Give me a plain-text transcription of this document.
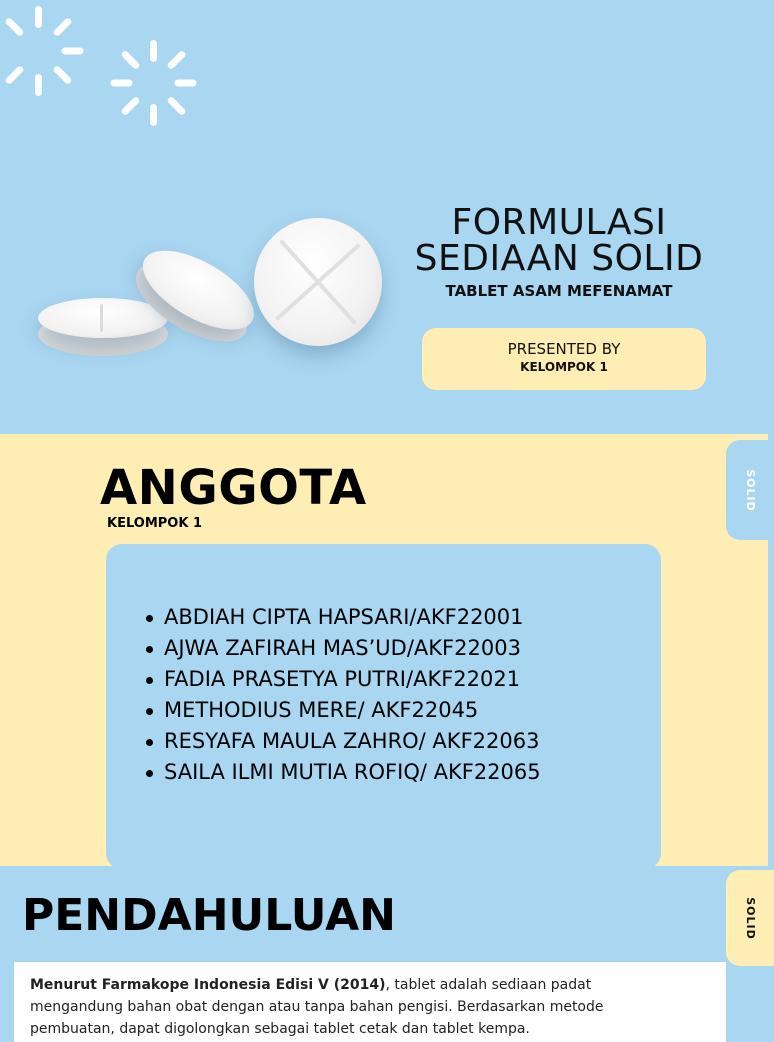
FORMULASI
SEDIAAN SOLID
TABLET ASAM MEFENAMAT
PRESENTED BY
KELOMPOK 1
SOLID
ANGGOTA
KELOMPOK 1
ABDIAH CIPTA HAPSARI/AKF22001
AJWA ZAFIRAH MAS’UD/AKF22003
FADIA PRASETYA PUTRI/AKF22021
METHODIUS MERE/ AKF22045
RESYAFA MAULA ZAHRO/ AKF22063
SAILA ILMI MUTIA ROFIQ/ AKF22065
SOLID
PENDAHULUAN

Menurut Farmakope Indonesia Edisi V (2014), tablet adalah sediaan padat
mengandung bahan obat dengan atau tanpa bahan pengisi. Berdasarkan metode
pembuatan, dapat digolongkan sebagai tablet cetak dan tablet kempa.
